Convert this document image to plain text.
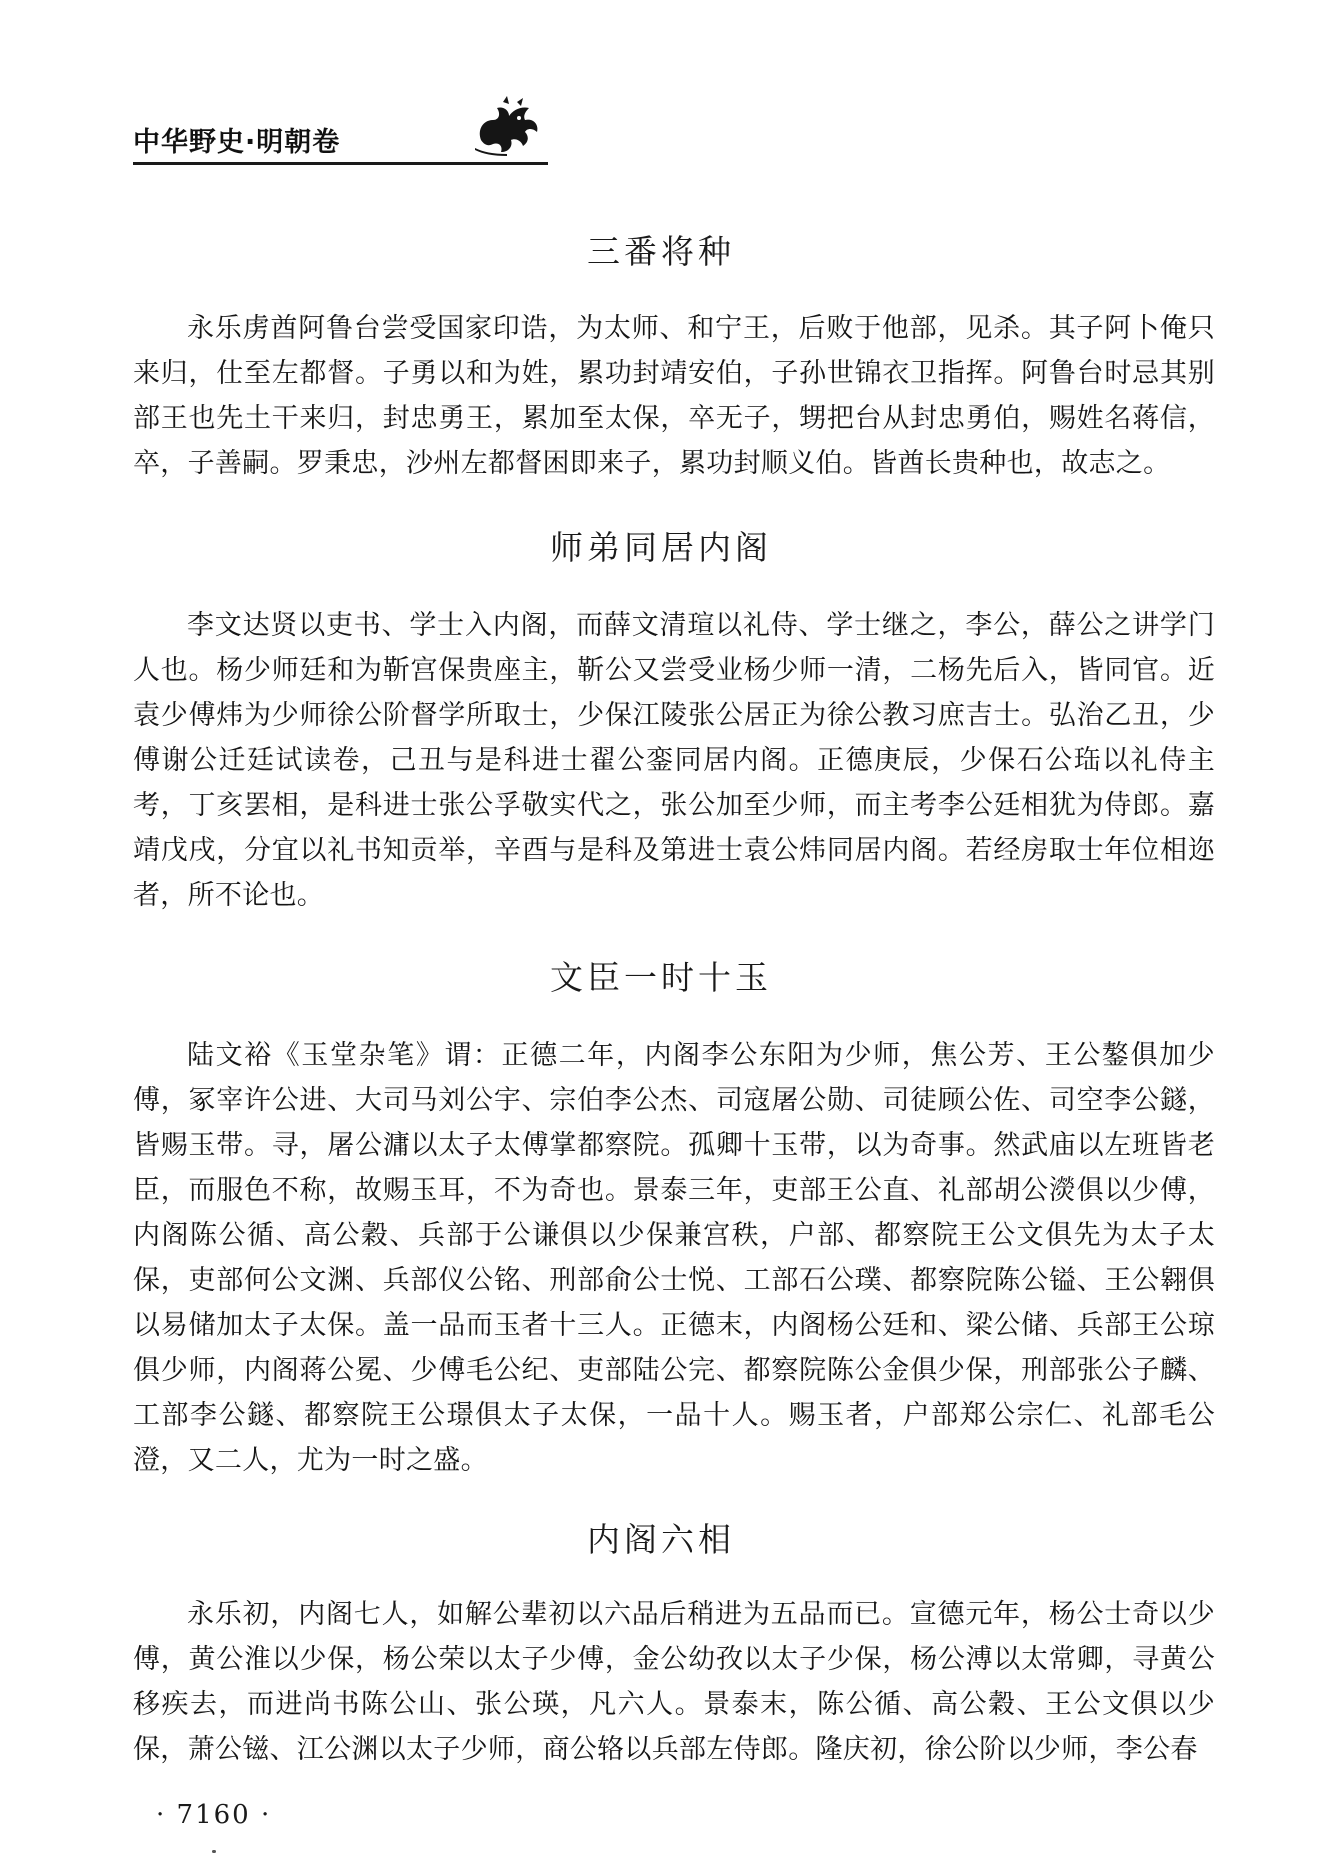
中华野史·明朝卷
三番将种

永乐虏酋阿鲁台尝受国家印诰，为太师、和宁王，后败于他部，见杀。其子阿卜俺只来归，仕至左都督。子勇以和为姓，累功封靖安伯，子孙世锦衣卫指挥。阿鲁台时忌其别部王也先土干来归，封忠勇王，累加至太保，卒无子，甥把台从封忠勇伯，赐姓名蒋信，卒，子善嗣。罗秉忠，沙州左都督困即来子，累功封顺义伯。皆酋长贵种也，故志之。

师弟同居内阁

李文达贤以吏书、学士入内阁，而薛文清瑄以礼侍、学士继之，李公，薛公之讲学门人也。杨少师廷和为靳宫保贵座主，靳公又尝受业杨少师一清，二杨先后入，皆同官。近袁少傅炜为少师徐公阶督学所取士，少保江陵张公居正为徐公教习庶吉士。弘治乙丑，少傅谢公迁廷试读卷，己丑与是科进士翟公銮同居内阁。正德庚辰，少保石公珤以礼侍主考，丁亥罢相，是科进士张公孚敬实代之，张公加至少师，而主考李公廷相犹为侍郎。嘉靖戊戌，分宜以礼书知贡举，辛酉与是科及第进士袁公炜同居内阁。若经房取士年位相迩者，所不论也。

文臣一时十玉

陆文裕《玉堂杂笔》谓：正德二年，内阁李公东阳为少师，焦公芳、王公鏊俱加少傅，冢宰许公进、大司马刘公宇、宗伯李公杰、司寇屠公勋、司徒顾公佐、司空李公鐩，皆赐玉带。寻，屠公滽以太子太傅掌都察院。孤卿十玉带，以为奇事。然武庙以左班皆老臣，而服色不称，故赐玉耳，不为奇也。景泰三年，吏部王公直、礼部胡公濙俱以少傅，内阁陈公循、高公穀、兵部于公谦俱以少保兼宫秩，户部、都察院王公文俱先为太子太保，吏部何公文渊、兵部仪公铭、刑部俞公士悦、工部石公璞、都察院陈公镒、王公翱俱以易储加太子太保。盖一品而玉者十三人。正德末，内阁杨公廷和、梁公储、兵部王公琼俱少师，内阁蒋公冕、少傅毛公纪、吏部陆公完、都察院陈公金俱少保，刑部张公子麟、工部李公鐩、都察院王公璟俱太子太保，一品十人。赐玉者，户部郑公宗仁、礼部毛公澄，又二人，尤为一时之盛。

内阁六相

永乐初，内阁七人，如解公辈初以六品后稍进为五品而已。宣德元年，杨公士奇以少傅，黄公淮以少保，杨公荣以太子少傅，金公幼孜以太子少保，杨公溥以太常卿，寻黄公移疾去，而进尚书陈公山、张公瑛，凡六人。景泰末，陈公循、高公穀、王公文俱以少保，萧公镃、江公渊以太子少师，商公辂以兵部左侍郎。隆庆初，徐公阶以少师，李公春

· 7160 ·
